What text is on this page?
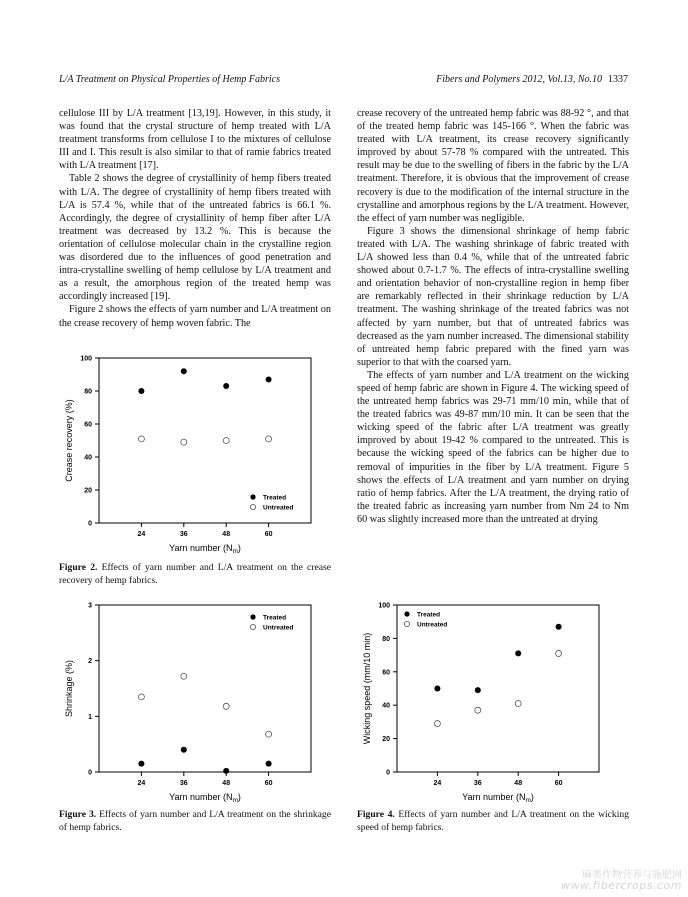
L/A Treatment on Physical Properties of Hemp Fabrics	Fibers and Polymers 2012, Vol.13, No.10 1337

cellulose III by L/A treatment [13,19]. However, in this study, it was found that the crystal structure of hemp treated with L/A treatment transforms from cellulose I to the mixtures of cellulose III and I. This result is also similar to that of ramie fabrics treated with L/A treatment [17].

Table 2 shows the degree of crystallinity of hemp fibers treated with L/A. The degree of crystallinity of hemp fibers treated with L/A is 57.4 %, while that of the untreated fabrics is 66.1 %. Accordingly, the degree of crystallinity of hemp fiber after L/A treatment was decreased by 13.2 %. This is because the orientation of cellulose molecular chain in the crystalline region was disordered due to the influences of good penetration and intra-crystalline swelling of hemp cellulose by L/A treatment and as a result, the amorphous region of the treated hemp was accordingly increased [19].

Figure 2 shows the effects of yarn number and L/A treatment on the crease recovery of hemp woven fabric. The

crease recovery of the untreated hemp fabric was 88-92 °, and that of the treated hemp fabric was 145-166 °. When the fabric was treated with L/A treatment, its crease recovery significantly improved by about 57-78 % compared with the untreated. This result may be due to the swelling of fibers in the fabric by the L/A treatment. Therefore, it is obvious that the improvement of crease recovery is due to the modification of the internal structure in the crystalline and amorphous regions by the L/A treatment. However, the effect of yarn number was negligible.

Figure 3 shows the dimensional shrinkage of hemp fabric treated with L/A. The washing shrinkage of fabric treated with L/A showed less than 0.4 %, while that of the untreated fabric showed about 0.7-1.7 %. The effects of intra-crystalline swelling and orientation behavior of non-crystalline region in hemp fiber are remarkably reflected in their shrinkage reduction by L/A treatment. The washing shrinkage of the treated fabrics was not affected by yarn number, but that of untreated fabrics was decreased as the yarn number increased. The dimensional stability of untreated hemp fabric prepared with the fined yarn was superior to that with the coarsed yarn.

The effects of yarn number and L/A treatment on the wicking speed of hemp fabric are shown in Figure 4. The wicking speed of the untreated hemp fabrics was 29-71 mm/10 min, while that of the treated fabrics was 49-87 mm/10 min. It can be seen that the wicking speed of the fabric after L/A treatment was greatly improved by about 19-42 % compared to the untreated. This is because the wicking speed of the fabrics can be higher due to removal of impurities in the fiber by L/A treatment. Figure 5 shows the effects of L/A treatment and yarn number on drying ratio of hemp fabrics. After the L/A treatment, the drying ratio of the treated fabric as increasing yarn number from Nm 24 to Nm 60 was slightly increased more than the untreated at drying

0
20
40
60
80
100
24	36	48	60
Yarn number $(N_m)$
Crease recovery (%)
Treated
Untreated
Figure 2. Effects of yarn number and L/A treatment on the crease recovery of hemp fabrics.
0
1
2
3
24	36	48	60
Yarn number $(N_m)$
Shrinkage (%)
Treated
Untreated
Figure 3. Effects of yarn number and L/A treatment on the shrinkage of hemp fabrics.
0
20
40
60
80
100
24	36	48	60
Yarn number $(N_m)$
Wicking speed (mm/10 min)
Treated
Untreated
Figure 4. Effects of yarn number and L/A treatment on the wicking speed of hemp fabrics.
麻类作物营养与施肥网
www.fibercrops.com
